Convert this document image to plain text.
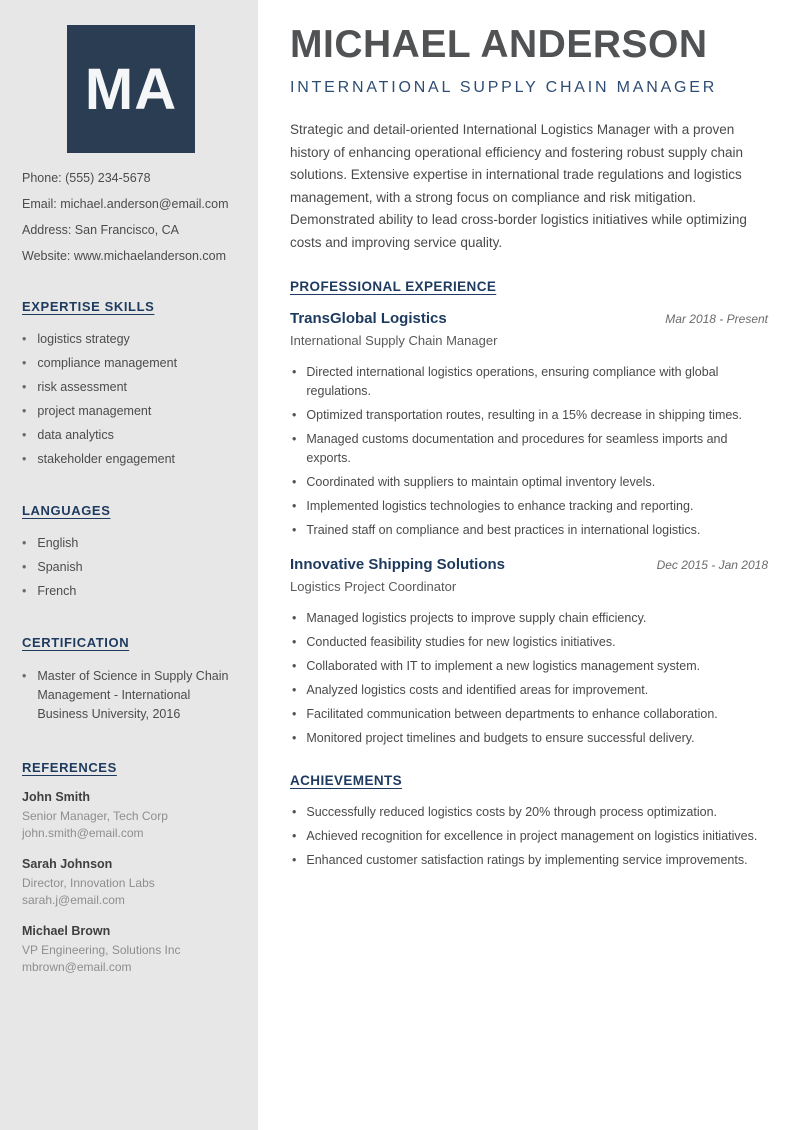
MA

Phone: (555) 234-5678

Email: michael.anderson@email.com

Address: San Francisco, CA

Website: www.michaelanderson.com

EXPERTISE SKILLS
• logistics strategy
• compliance management
• risk assessment
• project management
• data analytics
• stakeholder engagement
LANGUAGES
• English
• Spanish
• French
CERTIFICATION
• Master of Science in Supply Chain Management - International Business University, 2016
REFERENCES

John Smith

Senior Manager, Tech Corp

john.smith@email.com

Sarah Johnson

Director, Innovation Labs

sarah.j@email.com

Michael Brown

VP Engineering, Solutions Inc

mbrown@email.com

MICHAEL ANDERSON
INTERNATIONAL SUPPLY CHAIN MANAGER

Strategic and detail-oriented International Logistics Manager with a proven history of enhancing operational efficiency and fostering robust supply chain solutions. Extensive expertise in international trade regulations and logistics management, with a strong focus on compliance and risk mitigation. Demonstrated ability to lead cross-border logistics initiatives while optimizing costs and improving service quality.

PROFESSIONAL EXPERIENCE
TransGlobal Logistics	Mar 2018 - Present
International Supply Chain Manager
• Directed international logistics operations, ensuring compliance with global regulations.
• Optimized transportation routes, resulting in a 15% decrease in shipping times.
• Managed customs documentation and procedures for seamless imports and exports.
• Coordinated with suppliers to maintain optimal inventory levels.
• Implemented logistics technologies to enhance tracking and reporting.
• Trained staff on compliance and best practices in international logistics.
Innovative Shipping Solutions	Dec 2015 - Jan 2018
Logistics Project Coordinator
• Managed logistics projects to improve supply chain efficiency.
• Conducted feasibility studies for new logistics initiatives.
• Collaborated with IT to implement a new logistics management system.
• Analyzed logistics costs and identified areas for improvement.
• Facilitated communication between departments to enhance collaboration.
• Monitored project timelines and budgets to ensure successful delivery.
ACHIEVEMENTS
• Successfully reduced logistics costs by 20% through process optimization.
• Achieved recognition for excellence in project management on logistics initiatives.
• Enhanced customer satisfaction ratings by implementing service improvements.
